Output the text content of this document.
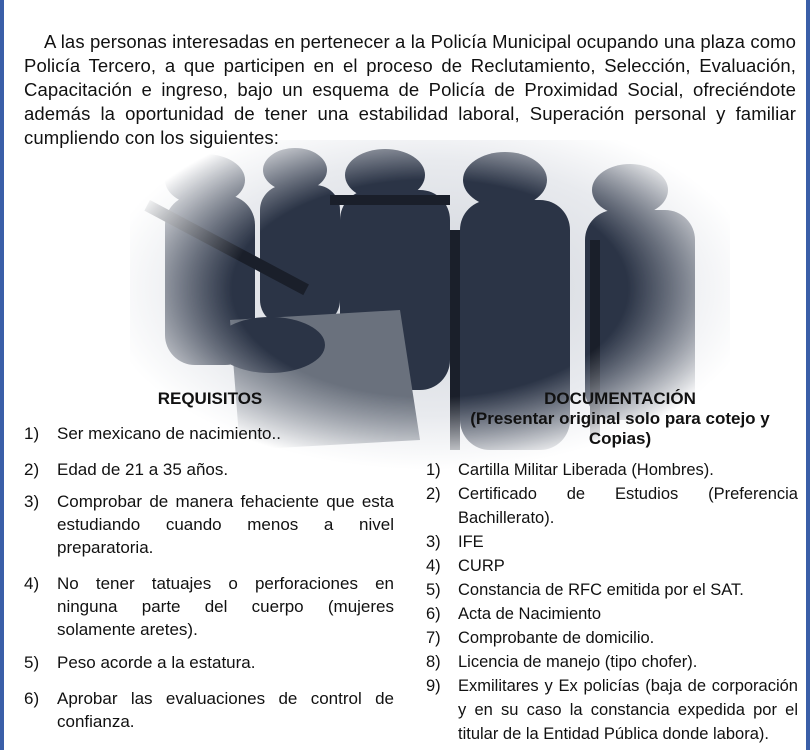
A las personas interesadas en pertenecer a la Policía Municipal ocupando una plaza como Policía Tercero, a que participen en el proceso de Reclutamiento, Selección, Evaluación, Capacitación e ingreso, bajo un esquema de Policía de Proximidad Social, ofreciéndote además la oportunidad de tener una estabilidad laboral, Superación personal y familiar cumpliendo con los siguientes:
REQUISITOS	DOCUMENTACIÓN
(Presentar original solo para cotejo y Copias)
1)	Ser mexicano de nacimiento..
2)	Edad de 21 a 35 años.
3)	Comprobar de manera fehaciente que esta estudiando cuando menos a nivel preparatoria.
4)	No tener tatuajes o perforaciones en ninguna parte del cuerpo (mujeres solamente aretes).
5)	Peso acorde a la estatura.
6)	Aprobar las evaluaciones de control de confianza.
1)	Cartilla Militar Liberada (Hombres).
2)	Certificado de Estudios (Preferencia Bachillerato).
3)	IFE
4)	CURP
5)	Constancia de RFC emitida por el SAT.
6)	Acta de Nacimiento
7)	Comprobante de domicilio.
8)	Licencia de manejo (tipo chofer).
9)	Exmilitares y Ex policías (baja de corporación y en su caso la constancia expedida por el titular de la Entidad Pública donde labora).
